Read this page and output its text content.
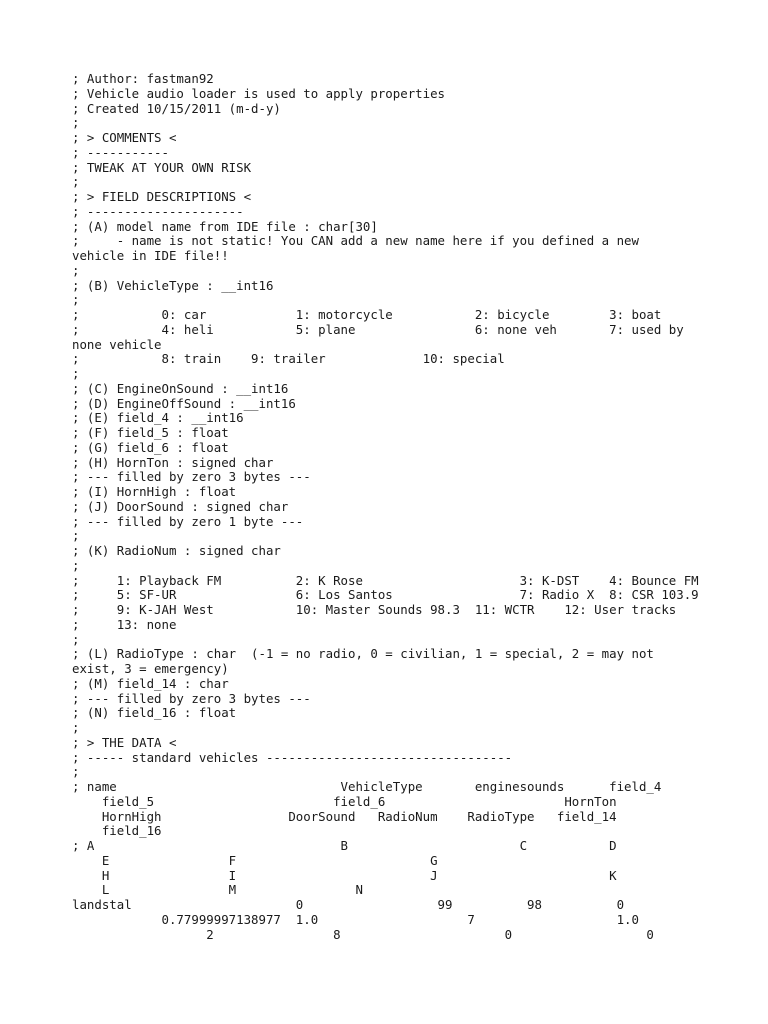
; Author: fastman92
; Vehicle audio loader is used to apply properties
; Created 10/15/2011 (m-d-y)
;
; > COMMENTS <
; -----------
; TWEAK AT YOUR OWN RISK
;
; > FIELD DESCRIPTIONS <
; ---------------------
; (A) model name from IDE file : char[30]
;     - name is not static! You CAN add a new name here if you defined a new
vehicle in IDE file!!
;
; (B) VehicleType : __int16
;
;           0: car            1: motorcycle           2: bicycle        3: boat
;           4: heli           5: plane                6: none veh       7: used by
none vehicle
;           8: train    9: trailer             10: special
;
; (C) EngineOnSound : __int16
; (D) EngineOffSound : __int16
; (E) field_4 : __int16
; (F) field_5 : float
; (G) field_6 : float
; (H) HornTon : signed char
; --- filled by zero 3 bytes ---
; (I) HornHigh : float
; (J) DoorSound : signed char
; --- filled by zero 1 byte ---
;
; (K) RadioNum : signed char
;
;     1: Playback FM          2: K Rose                     3: K-DST    4: Bounce FM
;     5: SF-UR                6: Los Santos                 7: Radio X  8: CSR 103.9
;     9: K-JAH West           10: Master Sounds 98.3  11: WCTR    12: User tracks
;     13: none
;
; (L) RadioType : char  (-1 = no radio, 0 = civilian, 1 = special, 2 = may not
exist, 3 = emergency)
; (M) field_14 : char
; --- filled by zero 3 bytes ---
; (N) field_16 : float
;
; > THE DATA <
; ----- standard vehicles ---------------------------------
;
; name                              VehicleType       enginesounds      field_4
field_5                        field_6                        HornTon
HornHigh                 DoorSound   RadioNum    RadioType   field_14
field_16
; A                                 B                       C           D
E                F                          G
H                I                          J                       K
L                M                N
landstal                      0                  99          98          0
0.77999997138977  1.0                    7                   1.0
2                8                      0                  0
